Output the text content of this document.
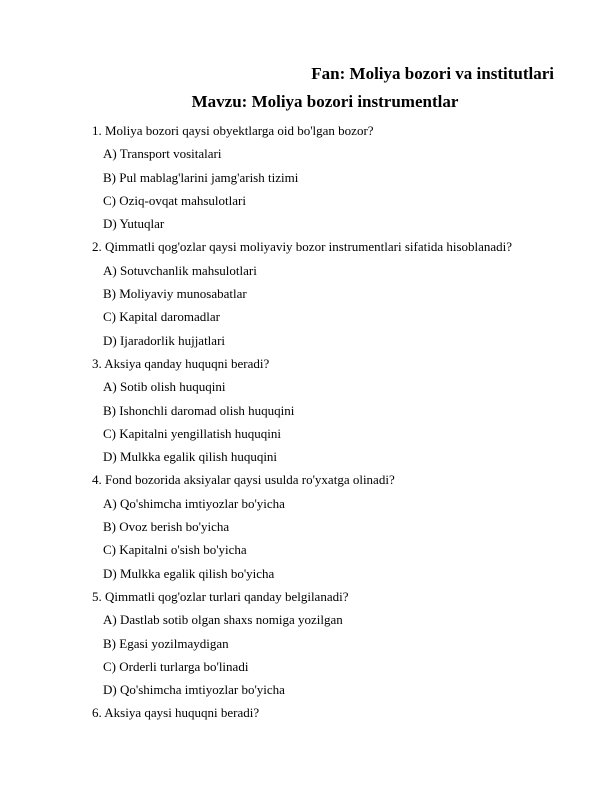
Fan: Moliya bozori va institutlari
Mavzu: Moliya bozori instrumentlar
1. Moliya bozori qaysi obyektlarga oid bo'lgan bozor?
A) Transport vositalari
B) Pul mablag'larini jamg'arish tizimi
C) Oziq-ovqat mahsulotlari
D) Yutuqlar
2. Qimmatli qog'ozlar qaysi moliyaviy bozor instrumentlari sifatida hisoblanadi?
A) Sotuvchanlik mahsulotlari
B) Moliyaviy munosabatlar
C) Kapital daromadlar
D) Ijaradorlik hujjatlari
3. Aksiya qanday huquqni beradi?
A) Sotib olish huquqini
B) Ishonchli daromad olish huquqini
C) Kapitalni yengillatish huquqini
D) Mulkka egalik qilish huquqini
4. Fond bozorida aksiyalar qaysi usulda ro'yxatga olinadi?
A) Qo'shimcha imtiyozlar bo'yicha
B) Ovoz berish bo'yicha
C) Kapitalni o'sish bo'yicha
D) Mulkka egalik qilish bo'yicha
5. Qimmatli qog'ozlar turlari qanday belgilanadi?
A) Dastlab sotib olgan shaxs nomiga yozilgan
B) Egasi yozilmaydigan
C) Orderli turlarga bo'linadi
D) Qo'shimcha imtiyozlar bo'yicha
6. Aksiya qaysi huquqni beradi?
